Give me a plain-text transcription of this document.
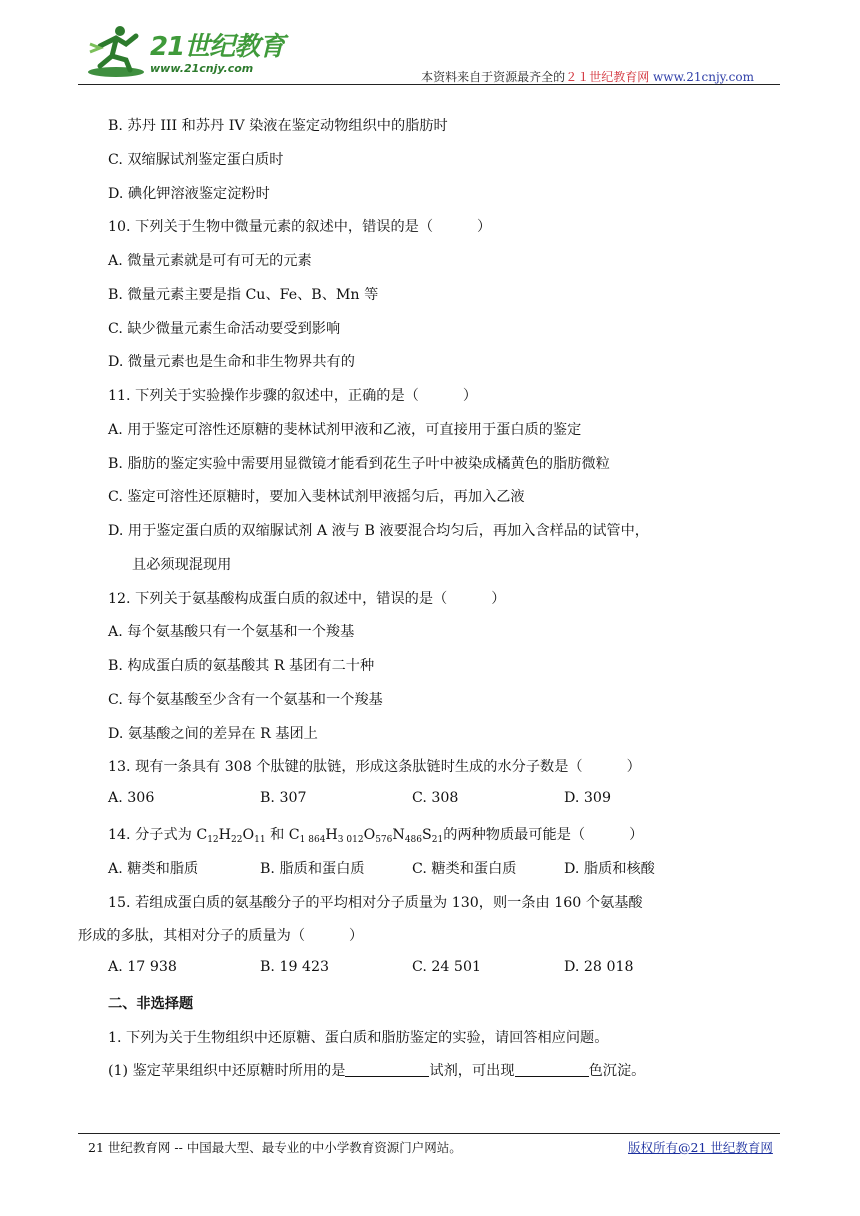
21世纪教育
www.21cnjy.com
本资料来自于资源最齐全的２１世纪教育网 www.21cnjy.com
B. 苏丹 III 和苏丹 IV 染液在鉴定动物组织中的脂肪时
C. 双缩脲试剂鉴定蛋白质时
D. 碘化钾溶液鉴定淀粉时
10. 下列关于生物中微量元素的叙述中，错误的是（	）
A. 微量元素就是可有可无的元素
B. 微量元素主要是指 Cu、Fe、B、Mn 等
C. 缺少微量元素生命活动要受到影响
D. 微量元素也是生命和非生物界共有的
11. 下列关于实验操作步骤的叙述中，正确的是（	）
A. 用于鉴定可溶性还原糖的斐林试剂甲液和乙液，可直接用于蛋白质的鉴定
B. 脂肪的鉴定实验中需要用显微镜才能看到花生子叶中被染成橘黄色的脂肪微粒
C. 鉴定可溶性还原糖时，要加入斐林试剂甲液摇匀后，再加入乙液
D. 用于鉴定蛋白质的双缩脲试剂 A 液与 B 液要混合均匀后，再加入含样品的试管中，
且必须现混现用
12. 下列关于氨基酸构成蛋白质的叙述中，错误的是（	）
A. 每个氨基酸只有一个氨基和一个羧基
B. 构成蛋白质的氨基酸其 R 基团有二十种
C. 每个氨基酸至少含有一个氨基和一个羧基
D. 氨基酸之间的差异在 R 基团上
13. 现有一条具有 308 个肽键的肽链，形成这条肽链时生成的水分子数是（	）
A. 306	B. 307	C. 308	D. 309
14. 分子式为 $C_{12}H_{22}O_{11}$ 和 $C_{1 864}H_{3 012}O_{576}N_{486}S_{21}$的两种物质最可能是（	）
A. 糖类和脂质	B. 脂质和蛋白质	C. 糖类和蛋白质	D. 脂质和核酸
15. 若组成蛋白质的氨基酸分子的平均相对分子质量为 130，则一条由 160 个氨基酸
形成的多肽，其相对分子的质量为（	）
A. 17 938	B. 19 423	C. 24 501	D. 28 018
二、非选择题
1. 下列为关于生物组织中还原糖、蛋白质和脂肪鉴定的实验，请回答相应问题。
(1) 鉴定苹果组织中还原糖时所用的是	试剂，可出现	色沉淀。
21 世纪教育网 -- 中国最大型、最专业的中小学教育资源门户网站。	版权所有@21 世纪教育网
